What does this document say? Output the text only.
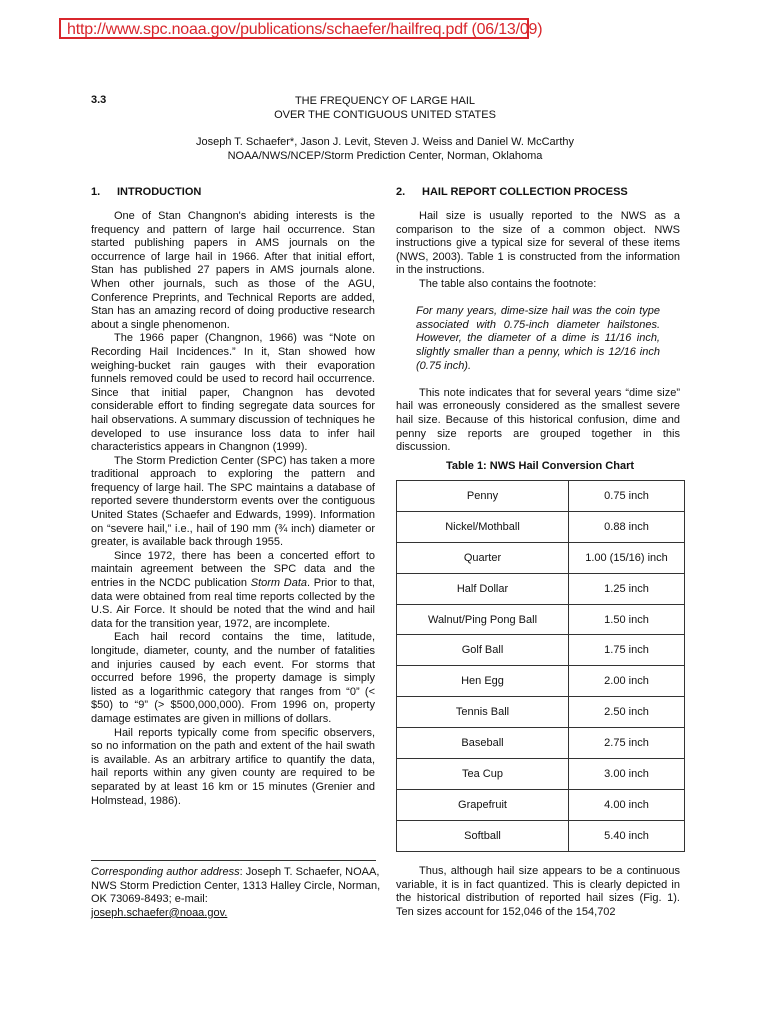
http://www.spc.noaa.gov/publications/schaefer/hailfreq.pdf (06/13/09)
3.3	THE FREQUENCY OF LARGE HAIL
OVER THE CONTIGUOUS UNITED STATES
Joseph T. Schaefer*, Jason J. Levit, Steven J. Weiss and Daniel W. McCarthy
NOAA/NWS/NCEP/Storm Prediction Center, Norman, Oklahoma
1. INTRODUCTION

One of Stan Changnon's abiding interests is the frequency and pattern of large hail occurrence. Stan started publishing papers in AMS journals on the occurrence of large hail in 1966. After that initial effort, Stan has published 27 papers in AMS journals alone. When other journals, such as those of the AGU, Conference Preprints, and Technical Reports are added, Stan has an amazing record of doing productive research about a single phenomenon.

The 1966 paper (Changnon, 1966) was “Note on Recording Hail Incidences.” In it, Stan showed how weighing-bucket rain gauges with their evaporation funnels removed could be used to record hail occurrence. Since that initial paper, Changnon has devoted considerable effort to finding segregate data sources for hail observations. A summary discussion of techniques he developed to use insurance loss data to infer hail characteristics appears in Changnon (1999).

The Storm Prediction Center (SPC) has taken a more traditional approach to exploring the pattern and frequency of large hail. The SPC maintains a database of reported severe thunderstorm events over the contiguous United States (Schaefer and Edwards, 1999). Information on “severe hail,” i.e., hail of 190 mm (¾ inch) diameter or greater, is available back through 1955.

Since 1972, there has been a concerted effort to maintain agreement between the SPC data and the entries in the NCDC publication Storm Data. Prior to that, data were obtained from real time reports collected by the U.S. Air Force. It should be noted that the wind and hail data for the transition year, 1972, are incomplete.

Each hail record contains the time, latitude, longitude, diameter, county, and the number of fatalities and injuries caused by each event. For storms that occurred before 1996, the property damage is simply listed as a logarithmic category that ranges from “0” (< $50) to “9” (> $500,000,000). From 1996 on, property damage estimates are given in millions of dollars.

Hail reports typically come from specific observers, so no information on the path and extent of the hail swath is available. As an arbitrary artifice to quantify the data, hail reports within any given county are required to be separated by at least 16 km or 15 minutes (Grenier and Holmstead, 1986).

2. HAIL REPORT COLLECTION PROCESS

Hail size is usually reported to the NWS as a comparison to the size of a common object. NWS instructions give a typical size for several of these items (NWS, 2003). Table 1 is constructed from the information in the instructions.

The table also contains the footnote:

For many years, dime-size hail was the coin type associated with 0.75-inch diameter hailstones. However, the diameter of a dime is 11/16 inch, slightly smaller than a penny, which is 12/16 inch (0.75 inch).

This note indicates that for several years “dime size” hail was erroneously considered as the smallest severe hail size. Because of this historical confusion, dime and penny size reports are grouped together in this discussion.

Table 1: NWS Hail Conversion Chart
Penny	0.75 inch
Nickel/Mothball	0.88 inch
Quarter	1.00 (15/16) inch
Half Dollar	1.25 inch
Walnut/Ping Pong Ball	1.50 inch
Golf Ball	1.75 inch
Hen Egg	2.00 inch
Tennis Ball	2.50 inch
Baseball	2.75 inch
Tea Cup	3.00 inch
Grapefruit	4.00 inch
Softball	5.40 inch

Thus, although hail size appears to be a continuous variable, it is in fact quantized. This is clearly depicted in the historical distribution of reported hail sizes (Fig. 1). Ten sizes account for 152,046 of the 154,702

Corresponding author address: Joseph T. Schaefer, NOAA, NWS Storm Prediction Center, 1313 Halley Circle, Norman, OK 73069-8493; e-mail:
joseph.schaefer@noaa.gov.
